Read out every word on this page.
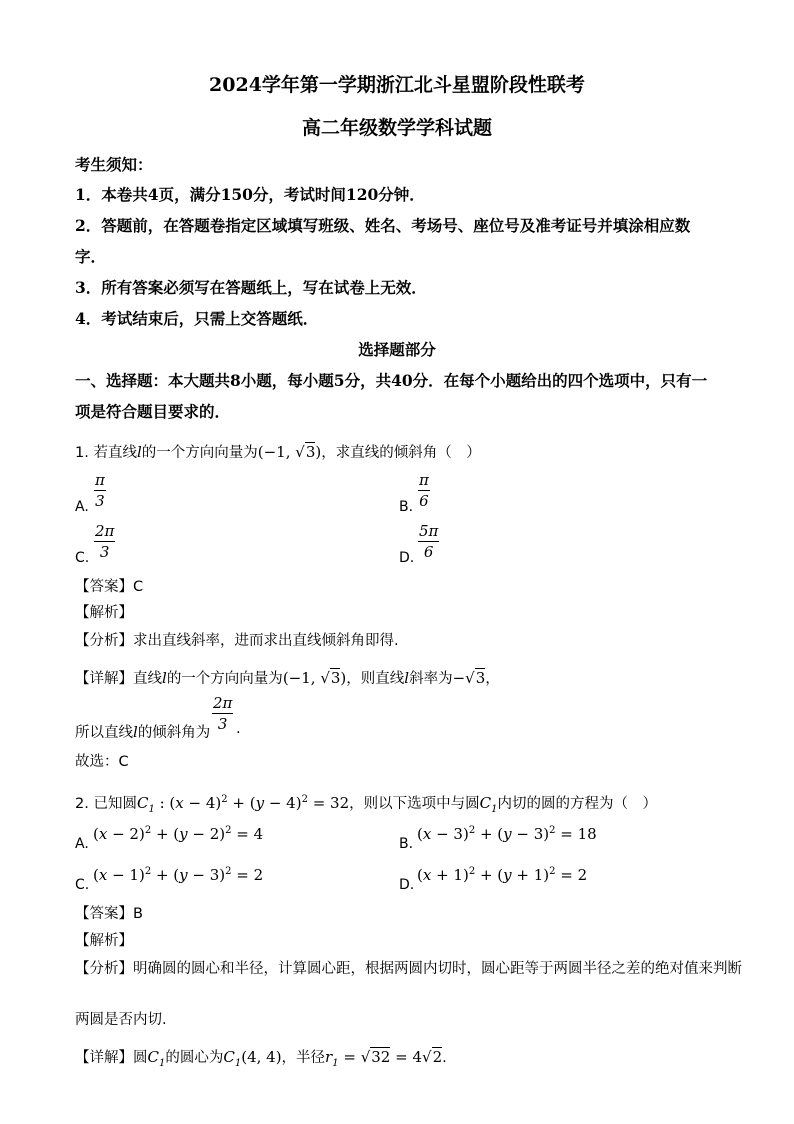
2024学年第一学期浙江北斗星盟阶段性联考
高二年级数学学科试题
考生须知：
1．本卷共4页，满分150分，考试时间120分钟．
2．答题前，在答题卷指定区域填写班级、姓名、考场号、座位号及准考证号并填涂相应数
字．
3．所有答案必须写在答题纸上，写在试卷上无效．
4．考试结束后，只需上交答题纸．
选择题部分
一、选择题：本大题共8小题，每小题5分，共40分．在每个小题给出的四个选项中，只有一
项是符合题目要求的．
1. 若直线l的一个方向向量为(−1, √3)，求直线的倾斜角（　）
A. $\frac{\pi}{3}$	B. $\frac{\pi}{6}$
C. $\frac{2\pi}{3}$	D. $\frac{5\pi}{6}$
【答案】C
【解析】
【分析】求出直线斜率，进而求出直线倾斜角即得.
【详解】直线l的一个方向向量为(−1, √3)，则直线l斜率为−√3，
所以直线l的倾斜角为 $\frac{2\pi}{3}$ .
故选：C
2. 已知圆$C_1$ : $(x - 4)^2 + (y - 4)^2 = 32$，则以下选项中与圆$C_1$内切的圆的方程为（　）
A.
$(x - 2)^2 + (y - 2)^2 = 4$
B.
$(x - 3)^2 + (y - 3)^2 = 18$
C.
$(x - 1)^2 + (y - 3)^2 = 2$
D.
$(x + 1)^2 + (y + 1)^2 = 2$
【答案】B
【解析】
【分析】明确圆的圆心和半径，计算圆心距，根据两圆内切时，圆心距等于两圆半径之差的绝对值来判断
两圆是否内切.
【详解】圆$C_1$的圆心为$C_1(4$, 4)，半径$r_1 = √32 = 4√2$.
